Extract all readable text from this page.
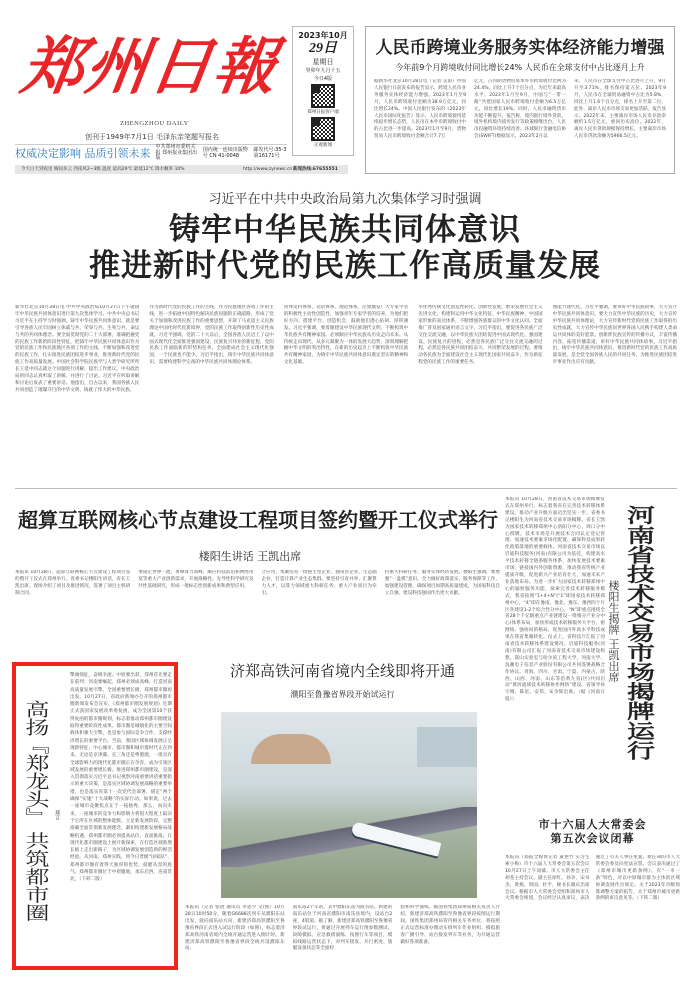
郑州日報
ZHENGZHOU DAILY
创刊于1949年7月1日 毛泽东亲笔题写报名
权威决定影响 品质引领未来 中共郑州市委机关报 郑州报业集团出版
国内统一连续出版物号 CN 41-0048
邮发代号:35-3 第16171号
今天白天到夜里 晴间多云 西南风2~3级 温度 最高29℃ 最低12℃ 降水概率 10%	http://www.zynews.cn 新闻热线:67655551
2023年10月
29日
星期日
癸卯年九月十五
今日4版
郑州日报客户端
正观新闻
人民币跨境业务服务实体经济能力增强
今年前9个月跨境收付同比增长24% 人民币在全球支付中占比逐月上升
据新华社北京10月28日电（记者 吴雨）中国人民银行日前发布的报告显示，跨境人民币业务服务实体经济能力增强。2023年1月至9月，人民币跨境收付金额为38.9万亿元，同比增长24%。中国人民银行发布的《2023年人民币国际化报告》显示，人民币跨境使用延续稳步增长态势，人民币在本外币跨境收付中的占比进一步提高。2023年1月至9月，货物贸易人民币跨境收付金额合计7.7万
亿元，占同期货物贸易本外币跨境收付比例为24.4%，同比上升7个百分点，为近年来最高水平。2023年1月至9月，中国与“一带一路”共建国家人民币跨境收付金额为6.5万亿元，同比增长19%。同时，人民币融资货币功能不断提升。报告称，境内银行境外贷款、境外机构境内债券发行等政策相继出台，人民币投融资环境持续改善。环球银行金融电信协会(SWIFT)数据显示，2023年2月以
来，人民币在全球支付中占比逐月上升，9月升至3.71%，排名保持第五位。2023年9月，人民币在全球贸易融资中占比为5.8%，同比上升1.6个百分点，排名上升至第二位。此外，离岸人民币市场交易更加活跃。报告显示，2022年末，主要离岸市场人民币存款余额约1.5万亿元，重回历史高位。2022年，离岸人民币贷款规模保持增长，主要离岸市场人民币贷款余额为5966.5亿元。
习近平在中共中央政治局第九次集体学习时强调
铸牢中华民族共同体意识
推进新时代党的民族工作高质量发展
新华社北京10月28日电 中共中央政治局10月27日下午就铸牢中华民族共同体意识进行第九次集体学习。中共中央总书记习近平在主持学习时强调，铸牢中华民族共同体意识，就是要引导各族人民牢固树立休戚与共、荣辱与共、生死与共、命运与共的共同体理念。要全面贯彻党的二十大部署，准确把握党的民族工作新的阶段性特征，把铸牢中华民族共同体意识作为党的民族工作和民族地区各项工作的主线，不断加强和改进党的民族工作，扎实推进民族团结进步事业，推进新时代党的民族工作高质量发展。中国社会科学院民族学与人类学研究所所长王延中同志就这个问题进行讲解，提出工作建议。中央政治局的同志认真听取了讲解，并进行了讨论。习近平在听取讲解和讨论后发表了重要讲话。他指出，自古以来，我国各族人民共同创造了璀璨夺目的中华文明，铸就了伟大的中华民族。
作为新时代党的民族工作的主线，作为民族地区各项工作的主线，进一步拓展中国特色解决民族问题的正确道路，形成了党关于加强和改进民族工作的重要思想，开辟了马克思主义民族理论中国化时代化新境界，党的民族工作取得创新性历史性成就。习近平强调，党的二十大以后，全国各族人民迈上了以中国式现代化全面推进强国建设、民族复兴伟业的新征程，党的民族工作面临新的形势和任务。全面建成社会主义现代化强国，一个民族也不能少。习近平指出，铸牢中华民族共同体意识，需要构建科学完备的中华民族共同体理论体系。
同体史料体系、话语体系、理论体系。注重激发广大专家学者的积极性主动性创造性，加强青年专家学者的培养，为他们把好方向、搭建平台、创造机会，鼓励他们潜心钻研、厚积薄发。习近平强调，要着眼建设中华民族现代文明，不断构筑中华民族共有精神家园。必须顺应中华民族从历史走向未来、从传统走向现代、从多元凝聚为一体的发展大趋势，深刻理解把握中华文明的突出特性，在新的历史起点上不断构筑中华民族共有精神家园，为铸牢中华民族共同体意识奠定坚实的精神和文化基础。
华优秀传统文化创造性转化、创新性发展，繁荣发展社会主义先进文化，构建和运用中华文化特征、中华民族精神、中国国家形象的表达体系，不断增强各族群众的中华文化认同。全面推广普及国家通用语言文字。习近平指出，要促进各民族广泛交往交流交融，以中华民族大团结促进中国式现代化。强国建设、民族复兴的进程，必然是各民族广泛交往交流交融的过程，必然是各民族共同团结奋斗、共同繁荣发展的过程。要推动各民族为全面建设社会主义现代化国家共同奋斗，作为新征程党的民族工作的重要任务。
理能力现代化。习近平强调，要讲好中华民族故事，大力宣介中华民族共同体意识。要大力宣传中华民族的历史，大力宣传中华民族共同体理论，大力宣传新时代党的民族工作取得的历史性成就，大力宣传中华民族同世界各国人民携手构建人类命运共同体的美好愿景。创新涉民族宣传的传播方式，丰富传播内容，拓宽传播渠道，讲好中华民族共同体故事。习近平指出，铸牢中华民族共同体意识，推进新时代党的民族工作高质量发展，是全党全国各族人民的共同任务。为推进民族团结进步事业作出应有贡献。
超算互联网核心节点建设工程项目签约暨开工仪式举行
楼阳生讲话 王凯出席
本报讯 10月28日，超算互联网核心节点建设工程项目签约暨开工仪式在郑州举行。省委书记楼阳生讲话，省长王凯出席。现场介绍了项目及推进情况，签署了项目主机研制合同。
要锚定世界一流，勇攀算力高峰，顺应科技前沿和网络带宽等重大产业创新需求，开展战略性、先导性科学研究及共性基础研究，形成一批标志性创新成果和典型应用。
合应用，集聚培育一批链主型企业、独角兽企业、生态圈企业，打造计算产业生态集群。要坚持引育并举，汇聚算力人才，以算力领域重大科研任务、重大产业项目为牵引。
持重大科研任务、服务实体经济发展。楼阳生强调，要增强“一盘棋”意识，全力做好政策落实、服务保障等工作，加强建设管理，确保项目如期高质量建成，为国家科技自立自强、建设科技强国作出更大贡献。
本报讯 10月28日，河南省技术交易市场揭牌仪式在郑州举行，标志着我省在完善技术转移体系建设、推动产业升级方面迈出坚实一步。省委书记楼阳生为河南省技术交易市场揭牌。省长王凯为国家技术转移郑州中心洛阳分中心、周口分中心授牌。技术市场是开展技术合同认定登记管理、加速技术要素市场化配置、确保科技成果转化政策落地的重要载体。河南省技术交易市场以启迪科技服务(河南)有限公司为依托，构建高水平技术转移全链条服务体系，加快发展技术要素市场，链接国内外创新资源，推动我省传统产业提质升级，促进新兴产业培育壮大，加速未来产业落地布局。为进一步扩大国家技术转移郑州中心的辐射服务功能，探索完善技术转移服务模式，我省按照“1+4+N”(“1”即国家技术转移郑州中心，“4”即在豫南、豫北、豫东、豫西四个片区各建设1-2个综合性分中心，“N”即重点围绕全省28个千亿级重点产业链建设一批细分产业分中心)体系布局，加快形成技术转移服务大平台、密网络、强协同的格局，促进国内外高水平科技成果在我省集聚转化。仪式上，省科技厅汇报了河南省技术转移体系建设情况，启迪科技服务(河南)有限公司汇报了河南省技术交易市场建设构想。嵩山实验室与哈尔滨工程大学、河南大学、浪潮电子信息产业股份有限公司共同签署战略合作协议。青海、四川、甘肃、宁夏、内蒙古、陕西、山西、河南、山东等沿黄九省(区)共同启动“黄河流域技术转移协作网络”建设。省领导孙守刚、陈星、安伟、宋争辉出席。（据《河南日报》）
楼阳生揭牌 王凯出席 河南省技术交易市场揭牌运行
高扬『郑龙头』 共筑都市圈 郑言
擎旗领征，奋楫争流。中原要出彩，郑州首先要走在前列；河南要崛起，郑州必须成高峰。打造河南高质量发展引擎，全国重要增长极，郑州都市圈再出发。10月27日，省政府新闻办召开的郑州都市圈新闻发布会宣布，《郑州都市圈发展规划》近期正式获国家发展改革委复函，成为全国第10个获得复函的都市圈规划，标志着推动郑州都市圈建设取得重要阶段性成果。都市圈是城镇化的主要空间载体和强大引擎，也是参与国际竞争合作、支撑经济增长的重要平台。当前，我国区域协调发展正呈现新特征，中心城市、都市圈和城市群时代正在到来。无论是京津冀、长三角还是粤港澳，一批具有全球影响力的现代化都市圈正在孕育，成为引领区域发展的重要增长极。推进郑州都市圈建设，是深入贯彻落实习近平总书记视察河南重要讲话重要指示的重大决策，是落实区域协调发展战略的重要举措，也是落实省第十一次党代会部署、锚定“两个确保”实施“十大战略”的实际行动。如果说，过去一座城市竞聚焦点在于一枝独秀，那么，而向未来，一座城市的竞争力和影响力将很大程度上取决于它所在区域的整体能级。立足新发展阶段，完整准确全面贯彻新发展理念，紧扣构建新发展格局战略机遇，郑州都市圈必须提高站位、直面挑战，在现代化都市圈建设上展开新探索，在打造区域新增长极上走出新路子，为区域协调发展创造新的鲜活经验。从河南、郑州实践，到今日晋级“国家队”，郑州都市圈有着得天独厚的优势，稳健从容的底气。郑州都市圈位于中原腹地，承东启西，连南贯北，（下转二版）
济郑高铁河南省境内全线即将开通
濮阳至鲁豫省界段开始试运行
本报讯（记者 张倩 通讯员 李思亨 文/图）10月28日10时50分，随着G6688次列车从濮阳东站出发，驶向南乐站方向，新建济郑高铁濮阳至鲁豫省界段正式进入试运行阶段（如图），标志着济郑高铁河南省境内全线开通运营进入倒计时。新建济郑高铁濮阳至鲁豫省界段全线共设濮阳东站、
南乐站2个车站，其中濮阳东站为既有站。新建的南乐站位于河南省濮阳市南乐县境内，设站台2座，4股道。据了解，新建济郑高铁濮阳至鲁豫省界段试运行，将通过开展列车运行图参数测试、故障模拟、应急救援演练、按图行车等项目，模拟线路运营状态下，对列车接发、开行密度、旅服设备状态等全面检
验和科学演练。据国铁集团郑州局相关负责人介绍，新建济郑高铁濮阳至鲁豫省界段按图运行期间，国铁集团郑州局管内相关车务单位，将按照正式运营标准办理动车组列车作业组织、模拟旅客广播引导、站台接发列车等业务，为开通运营做好各项准备。
市十六届人大常委会
第五次会议闭幕
本报讯（郑报全媒体记者 董艳竹 实习生 索小梅）市十六届人大常委会第五次会议10月27日上午闭幕。市人大常委会主任胡荃主持会议，副主任徐红、孙争、宋书杰、黄燕、周国、杜平，秘书长谢庆出席会议。根据市人大常委会党组和郑州市人大常委会规划，会议经过认真审议，表决通过了有关人事任免案。新任命的市人大常委会委员向宪法宣誓。会议表决通过了《郑州市城市更新条例》。有“一市一条”特色，对以中原城市群为主体的区域协调发展作出规定。关于2023年市级预算调整方案的报告，关于郑州市城市更新条例的审议意见等。（下转二版）
